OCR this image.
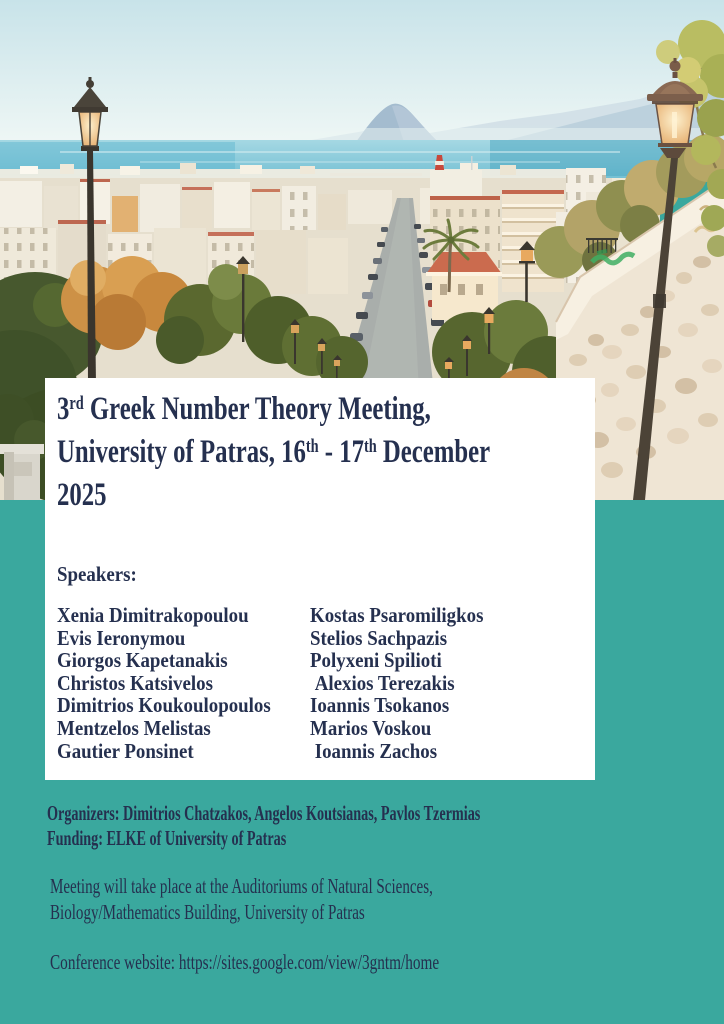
3rd Greek Number Theory Meeting,
University of Patras, 16th - 17th December
2025
Speakers:
Xenia Dimitrakopoulou
Evis Ieronymou
Giorgos Kapetanakis
Christos Katsivelos
Dimitrios Koukoulopoulos
Mentzelos Melistas
Gautier Ponsinet
Kostas Psaromiligkos
Stelios Sachpazis
Polyxeni Spilioti
Alexios Terezakis
Ioannis Tsokanos
Marios Voskou
Ioannis Zachos
Organizers: Dimitrios Chatzakos, Angelos Koutsianas, Pavlos Tzermias
Funding: ELKE of University of Patras
Meeting will take place at the Auditoriums of Natural Sciences,
Biology/Mathematics Building, University of Patras
Conference website: https://sites.google.com/view/3gntm/home
